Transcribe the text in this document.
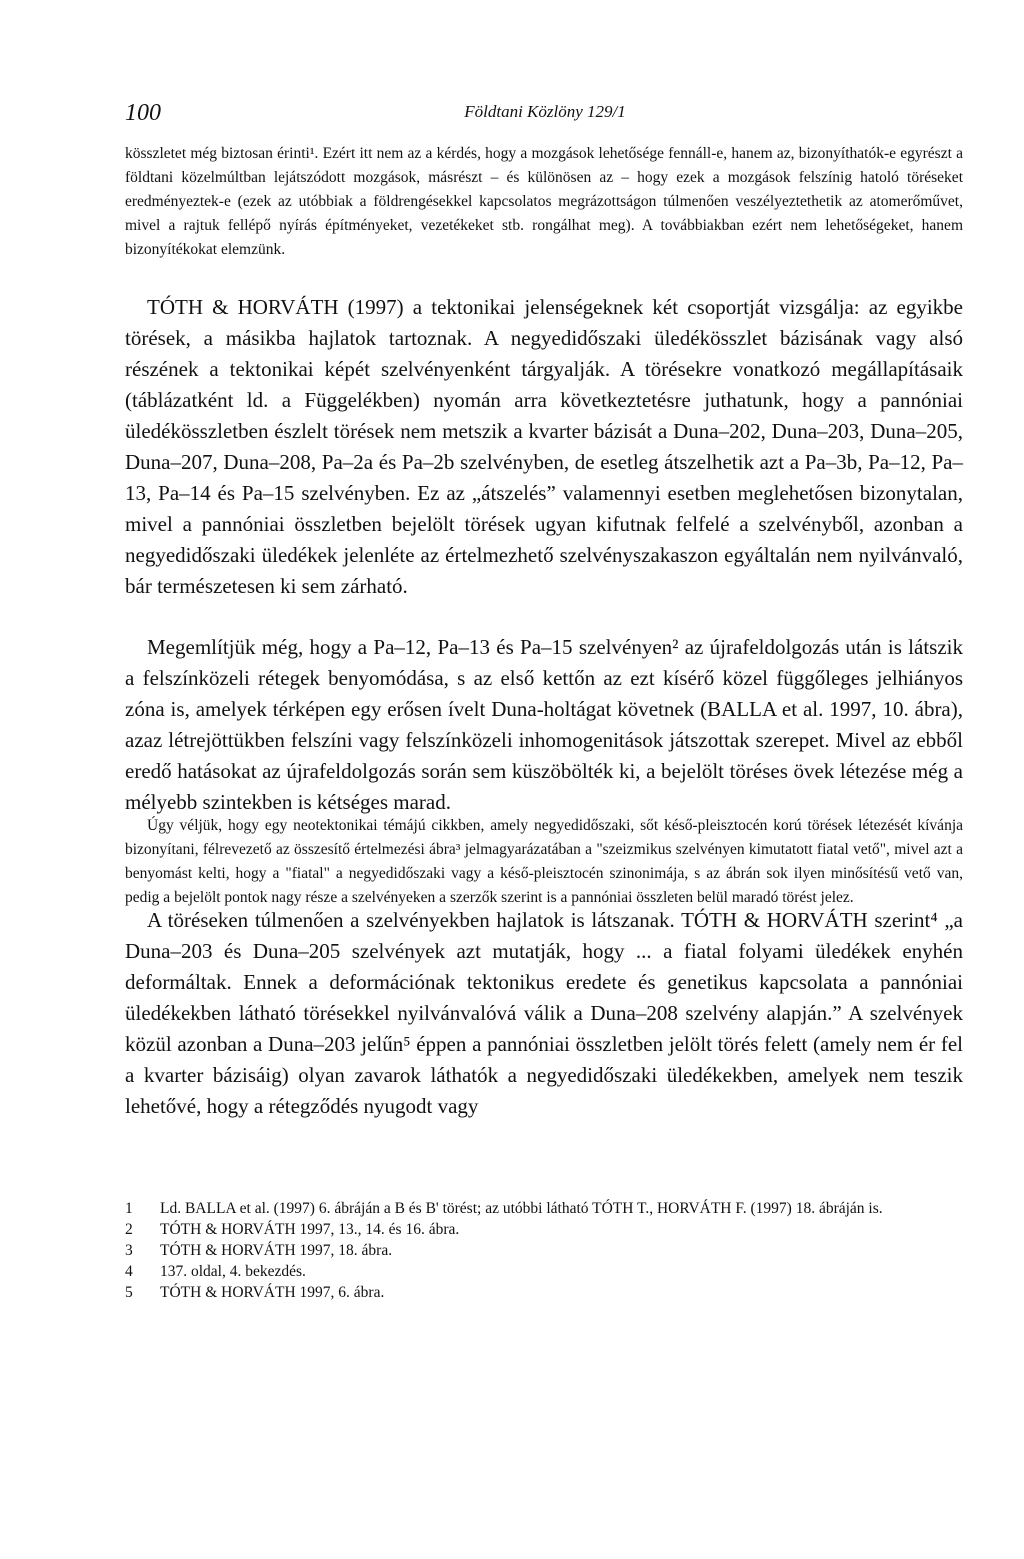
100	Földtani Közlöny 129/1

kösszletet még biztosan érinti¹. Ezért itt nem az a kérdés, hogy a mozgások lehetősége fennáll-e, hanem az, bizonyíthatók-e egyrészt a földtani közelmúltban lejátszódott mozgások, másrészt – és különösen az – hogy ezek a mozgások felszínig hatoló töréseket eredményeztek-e (ezek az utóbbiak a földrengésekkel kapcsolatos megrázottságon túlmenően veszélyeztethetik az atomerőművet, mivel a rajtuk fellépő nyírás építményeket, vezetékeket stb. rongálhat meg). A továbbiakban ezért nem lehetőségeket, hanem bizonyítékokat elemzünk.

TÓTH & HORVÁTH (1997) a tektonikai jelenségeknek két csoportját vizsgálja: az egyikbe törések, a másikba hajlatok tartoznak. A negyedidőszaki üledékösszlet bázisának vagy alsó részének a tektonikai képét szelvényenként tárgyalják. A törésekre vonatkozó megállapításaik (táblázatként ld. a Függelékben) nyomán arra következtetésre juthatunk, hogy a pannóniai üledékösszletben észlelt törések nem metszik a kvarter bázisát a Duna–202, Duna–203, Duna–205, Duna–207, Duna–208, Pa–2a és Pa–2b szelvényben, de esetleg átszelhetik azt a Pa–3b, Pa–12, Pa–13, Pa–14 és Pa–15 szelvényben. Ez az „átszelés” valamennyi esetben meglehetősen bizonytalan, mivel a pannóniai összletben bejelölt törések ugyan kifutnak felfelé a szelvényből, azonban a negyedidőszaki üledékek jelenléte az értelmezhető szelvényszakaszon egyáltalán nem nyilvánvaló, bár természetesen ki sem zárható.

Megemlítjük még, hogy a Pa–12, Pa–13 és Pa–15 szelvényen² az újrafeldolgozás után is látszik a felszínközeli rétegek benyomódása, s az első kettőn az ezt kísérő közel függőleges jelhiányos zóna is, amelyek térképen egy erősen ívelt Duna-holtágat követnek (BALLA et al. 1997, 10. ábra), azaz létrejöttükben felszíni vagy felszínközeli inhomogenitások játszottak szerepet. Mivel az ebből eredő hatásokat az újrafeldolgozás során sem küszöbölték ki, a bejelölt töréses övek létezése még a mélyebb szintekben is kétséges marad.

Úgy véljük, hogy egy neotektonikai témájú cikkben, amely negyedidőszaki, sőt késő-pleisztocén korú törések létezését kívánja bizonyítani, félrevezető az összesítő értelmezési ábra³ jelmagyarázatában a "szeizmikus szelvényen kimutatott fiatal vető", mivel azt a benyomást kelti, hogy a "fiatal" a negyedidőszaki vagy a késő-pleisztocén szinonimája, s az ábrán sok ilyen minősítésű vető van, pedig a bejelölt pontok nagy része a szelvényeken a szerzők szerint is a pannóniai összleten belül maradó törést jelez.

A töréseken túlmenően a szelvényekben hajlatok is látszanak. TÓTH & HORVÁTH szerint⁴ „a Duna–203 és Duna–205 szelvények azt mutatják, hogy ... a fiatal folyami üledékek enyhén deformáltak. Ennek a deformációnak tektonikus eredete és genetikus kapcsolata a pannóniai üledékekben látható törésekkel nyilvánvalóvá válik a Duna–208 szelvény alapján.” A szelvények közül azonban a Duna–203 jelűn⁵ éppen a pannóniai összletben jelölt törés felett (amely nem ér fel a kvarter bázisáig) olyan zavarok láthatók a negyedidőszaki üledékekben, amelyek nem teszik lehetővé, hogy a rétegződés nyugodt vagy

1 Ld. BALLA et al. (1997) 6. ábráján a B és B' törést; az utóbbi látható TÓTH T., HORVÁTH F. (1997) 18. ábráján is.
2 TÓTH & HORVÁTH 1997, 13., 14. és 16. ábra.
3 TÓTH & HORVÁTH 1997, 18. ábra.
4 137. oldal, 4. bekezdés.
5 TÓTH & HORVÁTH 1997, 6. ábra.
